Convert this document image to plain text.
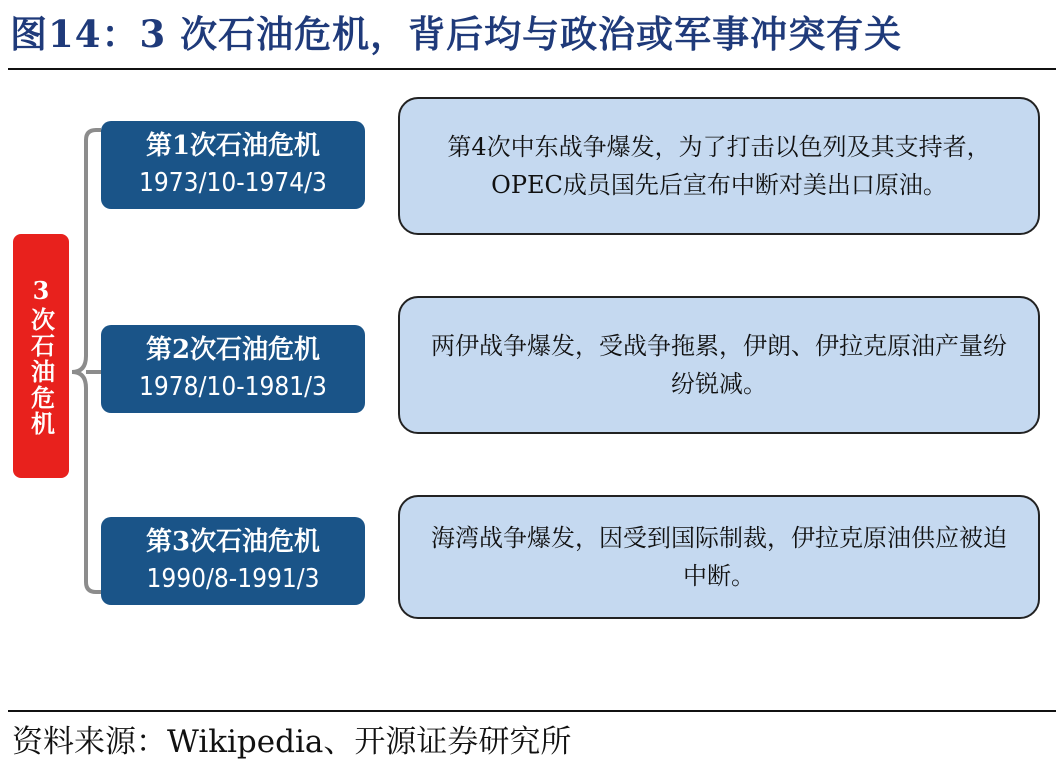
图14：3 次石油危机，背后均与政治或军事冲突有关
3次石油危机
第1次石油危机
1973/10-1974/3
第2次石油危机
1978/10-1981/3
第3次石油危机
1990/8-1991/3
第4次中东战争爆发，为了打击以色列及其支持者，OPEC成员国先后宣布中断对美出口原油。
两伊战争爆发，受战争拖累，伊朗、伊拉克原油产量纷纷锐减。
海湾战争爆发，因受到国际制裁，伊拉克原油供应被迫中断。
资料来源：Wikipedia、开源证券研究所
